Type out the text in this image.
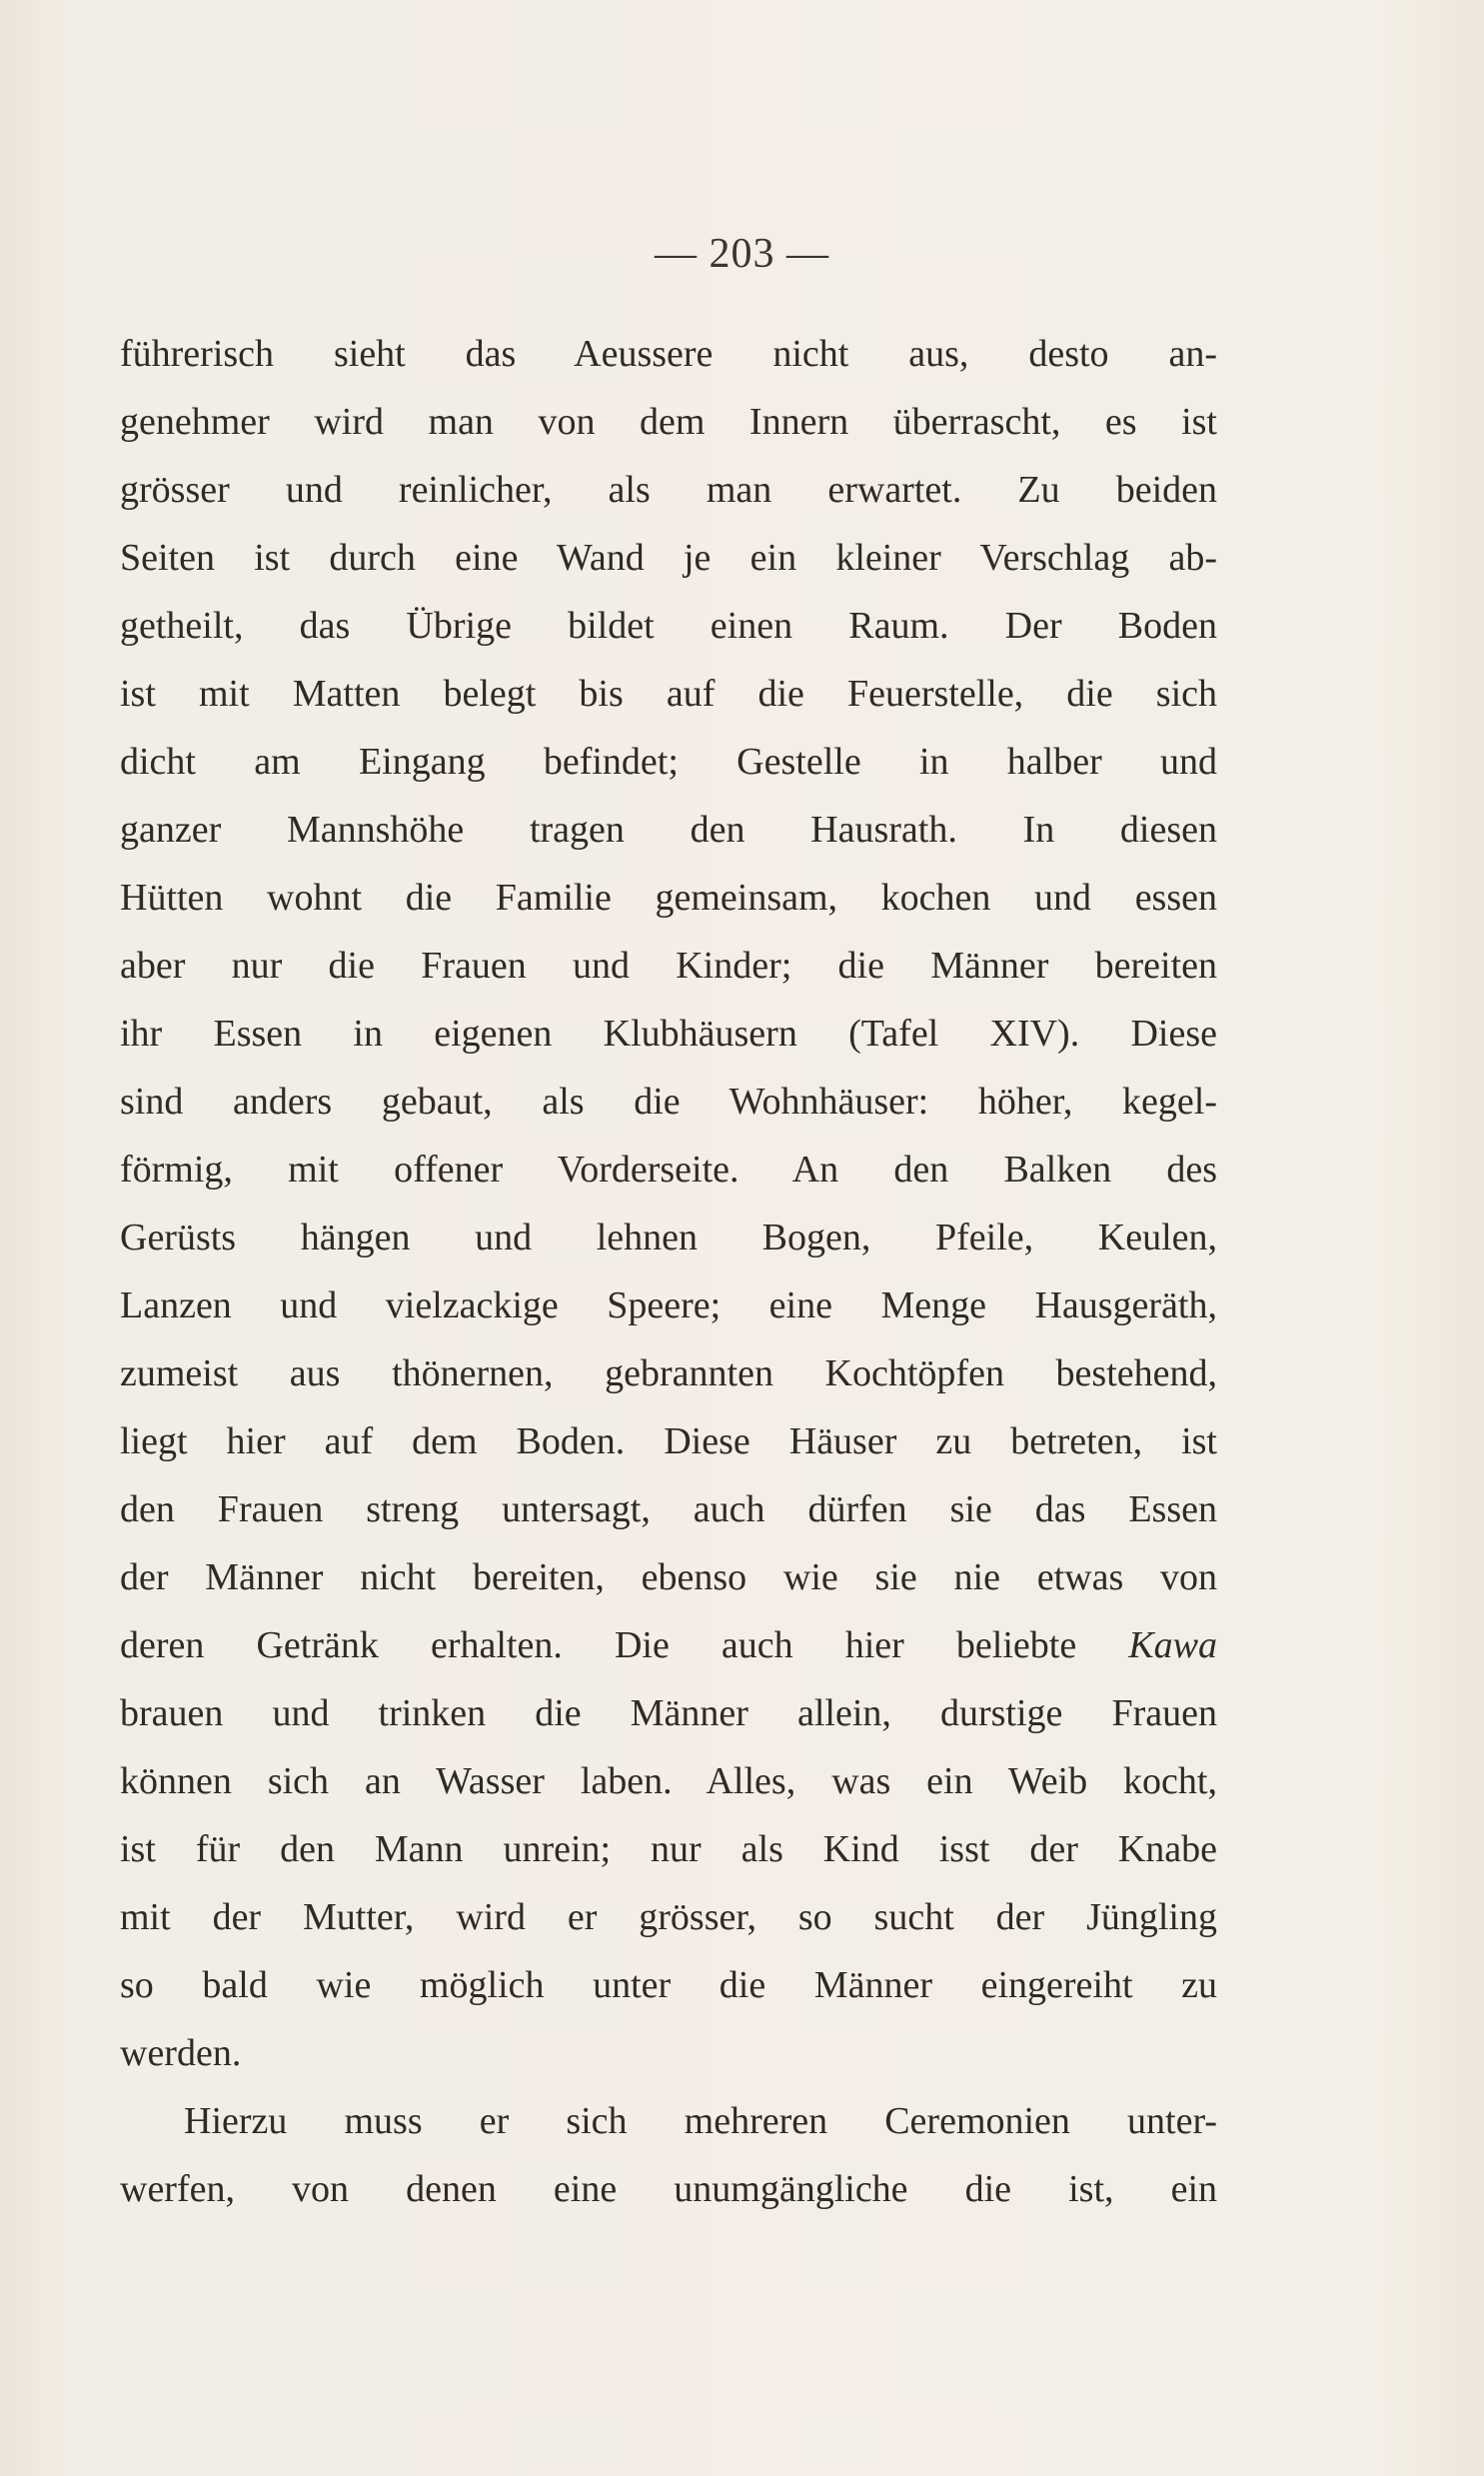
— 203 —
führerisch sieht das Aeussere nicht aus, desto an-
genehmer wird man von dem Innern überrascht, es ist
grösser und reinlicher, als man erwartet. Zu beiden
Seiten ist durch eine Wand je ein kleiner Verschlag ab-
getheilt, das Übrige bildet einen Raum. Der Boden
ist mit Matten belegt bis auf die Feuerstelle, die sich
dicht am Eingang befindet; Gestelle in halber und
ganzer Mannshöhe tragen den Hausrath. In diesen
Hütten wohnt die Familie gemeinsam, kochen und essen
aber nur die Frauen und Kinder; die Männer bereiten
ihr Essen in eigenen Klubhäusern (Tafel XIV). Diese
sind anders gebaut, als die Wohnhäuser: höher, kegel-
förmig, mit offener Vorderseite. An den Balken des
Gerüsts hängen und lehnen Bogen, Pfeile, Keulen,
Lanzen und vielzackige Speere; eine Menge Hausgeräth,
zumeist aus thönernen, gebrannten Kochtöpfen bestehend,
liegt hier auf dem Boden. Diese Häuser zu betreten, ist
den Frauen streng untersagt, auch dürfen sie das Essen
der Männer nicht bereiten, ebenso wie sie nie etwas von
deren Getränk erhalten. Die auch hier beliebte Kawa
brauen und trinken die Männer allein, durstige Frauen
können sich an Wasser laben. Alles, was ein Weib kocht,
ist für den Mann unrein; nur als Kind isst der Knabe
mit der Mutter, wird er grösser, so sucht der Jüngling
so bald wie möglich unter die Männer eingereiht zu
werden.
Hierzu muss er sich mehreren Ceremonien unter-
werfen, von denen eine unumgängliche die ist, ein
